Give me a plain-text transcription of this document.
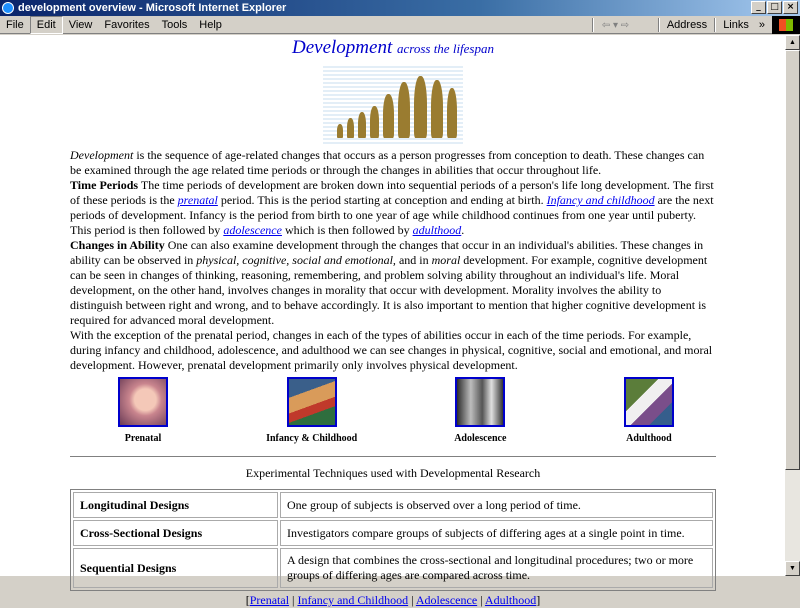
development overview - Microsoft Internet Explorer	_	□ ×
File	Edit	View	Favorites	Tools	Help	⇦ ▾ ⇨	Address Links »
Development across the lifespan

Development is the sequence of age-related changes that occurs as a person progresses from conception to death. These changes can be examined through the age related time periods or through the changes in abilities that occur throughout life.

Time Periods The time periods of development are broken down into sequential periods of a person's life long development. The first of these periods is the prenatal period. This is the period starting at conception and ending at birth. Infancy and childhood are the next periods of development. Infancy is the period from birth to one year of age while childhood continues from one year until puberty. This period is then followed by adolescence which is then followed by adulthood.

Changes in Ability One can also examine development through the changes that occur in an individual's abilities. These changes in ability can be observed in physical, cognitive, social and emotional, and in moral development. For example, cognitive development can be seen in changes of thinking, reasoning, remembering, and problem solving ability throughout an individual's life. Moral development, on the other hand, involves changes in morality that occur with development. Morality involves the ability to distinguish between right and wrong, and to behave accordingly. It is also important to mention that higher cognitive development is required for advanced moral development.

With the exception of the prenatal period, changes in each of the types of abilities occur in each of the time periods. For example, during infancy and childhood, adolescence, and adulthood we can see changes in physical, cognitive, social and emotional, and moral development. However, prenatal development primarily only involves physical development.

Prenatal	Infancy & Childhood	Adolescence	Adulthood
Experimental Techniques used with Developmental Research
Longitudinal Designs	One group of subjects is observed over a long period of time.
Cross-Sectional Designs	Investigators compare groups of subjects of differing ages at a single point in time.
Sequential Designs	A design that combines the cross-sectional and longitudinal procedures; two or more groups of differing ages are compared across time.
[Prenatal | Infancy and Childhood | Adolescence | Adulthood]
▲
▼
